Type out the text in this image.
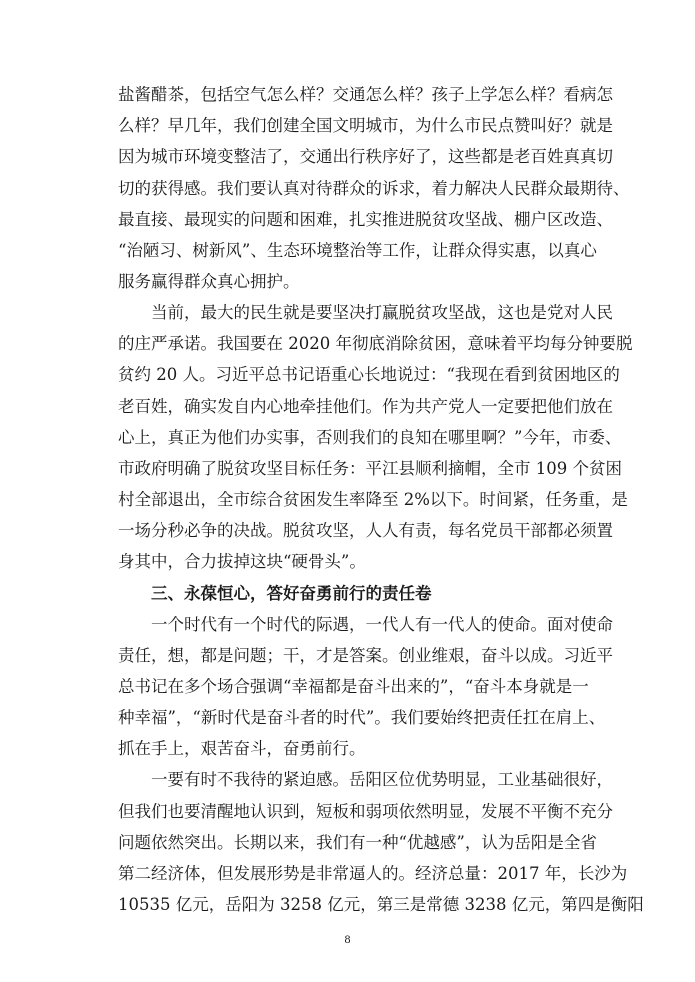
盐酱醋茶，包括空气怎么样？交通怎么样？孩子上学怎么样？看病怎
么样？早几年，我们创建全国文明城市，为什么市民点赞叫好？就是
因为城市环境变整洁了，交通出行秩序好了，这些都是老百姓真真切
切的获得感。我们要认真对待群众的诉求，着力解决人民群众最期待、
最直接、最现实的问题和困难，扎实推进脱贫攻坚战、棚户区改造、
“治陋习、树新风”、生态环境整治等工作，让群众得实惠，以真心
服务赢得群众真心拥护。
　　当前，最大的民生就是要坚决打赢脱贫攻坚战，这也是党对人民
的庄严承诺。我国要在 2020 年彻底消除贫困，意味着平均每分钟要脱
贫约 20 人。习近平总书记语重心长地说过：“我现在看到贫困地区的
老百姓，确实发自内心地牵挂他们。作为共产党人一定要把他们放在
心上，真正为他们办实事，否则我们的良知在哪里啊？”今年，市委、
市政府明确了脱贫攻坚目标任务：平江县顺利摘帽，全市 109 个贫困
村全部退出，全市综合贫困发生率降至 2%以下。时间紧，任务重，是
一场分秒必争的决战。脱贫攻坚，人人有责，每名党员干部都必须置
身其中，合力拔掉这块“硬骨头”。
　　三、永葆恒心，答好奋勇前行的责任卷
　　一个时代有一个时代的际遇，一代人有一代人的使命。面对使命
责任，想，都是问题；干，才是答案。创业维艰，奋斗以成。习近平
总书记在多个场合强调“幸福都是奋斗出来的”，“奋斗本身就是一
种幸福”，“新时代是奋斗者的时代”。我们要始终把责任扛在肩上、
抓在手上，艰苦奋斗，奋勇前行。
　　一要有时不我待的紧迫感。岳阳区位优势明显，工业基础很好，
但我们也要清醒地认识到，短板和弱项依然明显，发展不平衡不充分
问题依然突出。长期以来，我们有一种“优越感”，认为岳阳是全省
第二经济体，但发展形势是非常逼人的。经济总量：2017 年，长沙为
10535 亿元，岳阳为 3258 亿元，第三是常德 3238 亿元，第四是衡阳
8
